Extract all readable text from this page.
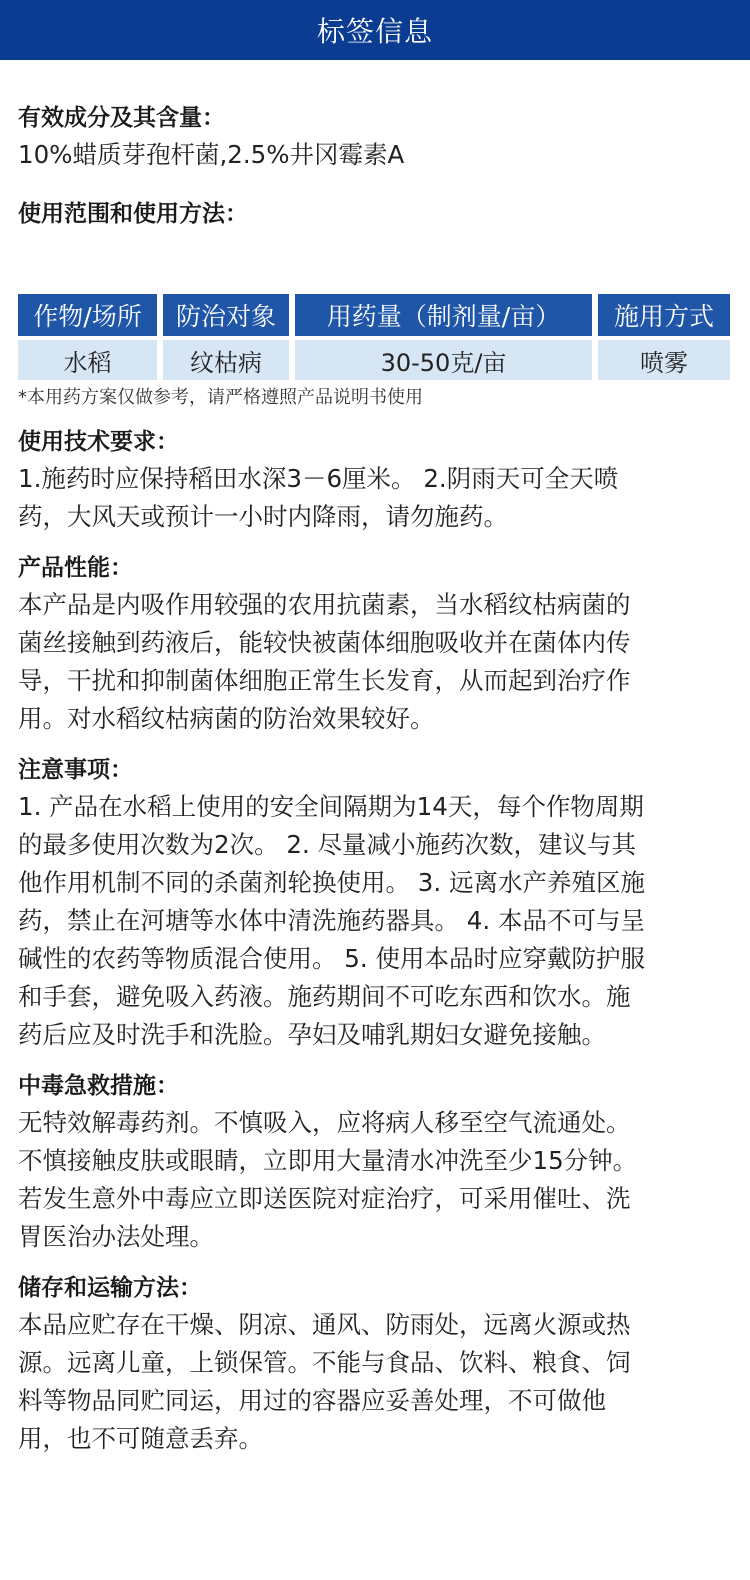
标签信息

有效成分及其含量：

10%蜡质芽孢杆菌,2.5%井冈霉素A

使用范围和使用方法：

作物/场所	防治对象	用药量（制剂量/亩）	施用方式
水稻	纹枯病	30-50克/亩	喷雾

*本用药方案仅做参考，请严格遵照产品说明书使用

使用技术要求：

1.施药时应保持稻田水深3－6厘米。 2.阴雨天可全天喷

药，大风天或预计一小时内降雨，请勿施药。

产品性能：

本产品是内吸作用较强的农用抗菌素，当水稻纹枯病菌的

菌丝接触到药液后，能较快被菌体细胞吸收并在菌体内传

导，干扰和抑制菌体细胞正常生长发育，从而起到治疗作

用。对水稻纹枯病菌的防治效果较好。

注意事项：

1. 产品在水稻上使用的安全间隔期为14天，每个作物周期

的最多使用次数为2次。 2. 尽量减小施药次数，建议与其

他作用机制不同的杀菌剂轮换使用。 3. 远离水产养殖区施

药，禁止在河塘等水体中清洗施药器具。 4. 本品不可与呈

碱性的农药等物质混合使用。 5. 使用本品时应穿戴防护服

和手套，避免吸入药液。施药期间不可吃东西和饮水。施

药后应及时洗手和洗脸。孕妇及哺乳期妇女避免接触。

中毒急救措施：

无特效解毒药剂。不慎吸入，应将病人移至空气流通处。

不慎接触皮肤或眼睛，立即用大量清水冲洗至少15分钟。

若发生意外中毒应立即送医院对症治疗，可采用催吐、洗

胃医治办法处理。

储存和运输方法：

本品应贮存在干燥、阴凉、通风、防雨处，远离火源或热

源。远离儿童，上锁保管。不能与食品、饮料、粮食、饲

料等物品同贮同运，用过的容器应妥善处理，不可做他

用，也不可随意丢弃。
